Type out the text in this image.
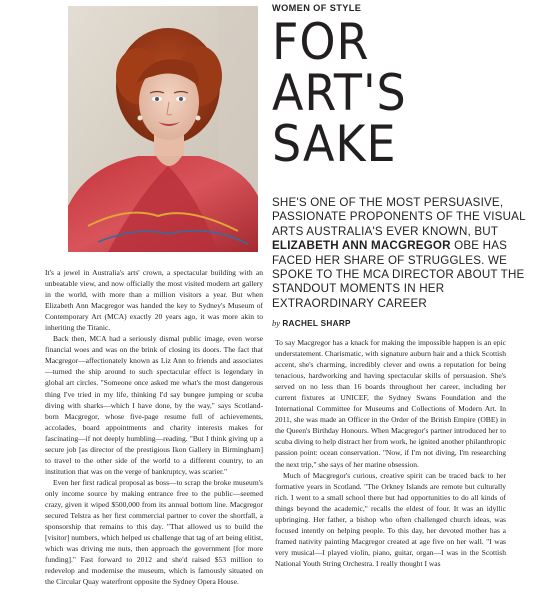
WOMEN OF STYLE
FOR
ART'S
SAKE
SHE'S ONE OF THE MOST PERSUASIVE, PASSIONATE PROPONENTS OF THE VISUAL ARTS AUSTRALIA'S EVER KNOWN, BUT ELIZABETH ANN MACGREGOR OBE HAS FACED HER SHARE OF STRUGGLES. WE SPOKE TO THE MCA DIRECTOR ABOUT THE STANDOUT MOMENTS IN HER EXTRAORDINARY CAREER
by RACHEL SHARP

It's a jewel in Australia's arts' crown, a spectacular building with an unbeatable view, and now officially the most visited modern art gallery in the world, with more than a million visitors a year. But when Elizabeth Ann Macgregor was handed the key to Sydney's Museum of Contemporary Art (MCA) exactly 20 years ago, it was more akin to inheriting the Titanic.

Back then, MCA had a seriously dismal public image, even worse financial woes and was on the brink of closing its doors. The fact that Macgregor—affectionately known as Liz Ann to friends and associates—turned the ship around to such spectacular effect is legendary in global art circles. "Someone once asked me what's the most dangerous thing I've tried in my life, thinking I'd say bungee jumping or scuba diving with sharks—which I have done, by the way," says Scotland-born Macgregor, whose five-page resume full of achievements, accolades, board appointments and charity interests makes for fascinating—if not deeply humbling—reading. "But I think giving up a secure job [as director of the prestigious Ikon Gallery in Birmingham] to travel to the other side of the world to a different country, to an institution that was on the verge of bankruptcy, was scarier."

Even her first radical proposal as boss—to scrap the broke museum's only income source by making entrance free to the public—seemed crazy, given it wiped $500,000 from its annual bottom line. Macgregor secured Telstra as her first commercial partner to cover the shortfall, a sponsorship that remains to this day. "That allowed us to build the [visitor] numbers, which helped us challenge that tag of art being elitist, which was driving me nuts, then approach the government [for more funding]." Fast forward to 2012 and she'd raised $53 million to redevelop and modernise the museum, which is famously situated on the Circular Quay waterfront opposite the Sydney Opera House.

To say Macgregor has a knack for making the impossible happen is an epic understatement. Charismatic, with signature auburn hair and a thick Scottish accent, she's charming, incredibly clever and owns a reputation for being tenacious, hardworking and having spectacular skills of persuasion. She's served on no less than 16 boards throughout her career, including her current fixtures at UNICEF, the Sydney Swans Foundation and the International Committee for Museums and Collections of Modern Art. In 2011, she was made an Officer in the Order of the British Empire (OBE) in the Queen's Birthday Honours. When Macgregor's partner introduced her to scuba diving to help distract her from work, he ignited another philanthropic passion point: ocean conservation. "Now, if I'm not diving, I'm researching the next trip," she says of her marine obsession.

Much of Macgregor's curious, creative spirit can be traced back to her formative years in Scotland. "The Orkney Islands are remote but culturally rich. I went to a small school there but had opportunities to do all kinds of things beyond the academic," recalls the eldest of four. It was an idyllic upbringing. Her father, a bishop who often challenged church ideas, was focused intently on helping people. To this day, her devoted mother has a framed nativity painting Macgregor created at age five on her wall. "I was very musical—I played violin, piano, guitar, organ—I was in the Scottish National Youth String Orchestra. I really thought I was
